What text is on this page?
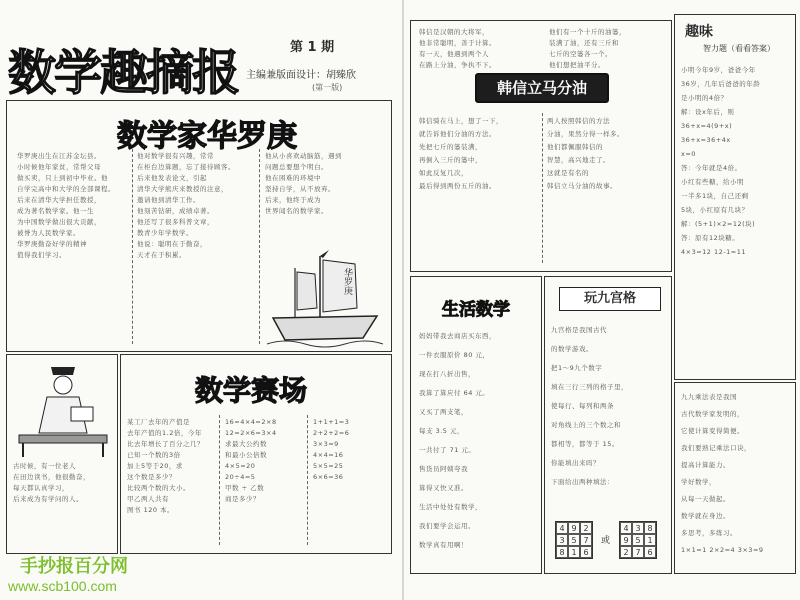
数学趣摘报	第 1 期
主编兼版面设计：胡臻欣
(第一版)
数学家华罗庚
华罗庚出生在江苏金坛县。
小时候他年家贫，常帮父母
做买卖，只上到初中毕业。他
自学完高中和大学的全部课程。
后来在清华大学担任教授，
成为著名数学家。他一生
为中国数学做出很大贡献，
被誉为人民数学家。
华罗庚勤奋好学的精神
值得我们学习。
他对数学很有兴趣，常常
在柜台边算题，忘了接待顾客。
后来他发表论文，引起
清华大学熊庆来教授的注意，
邀请他到清华工作。
他刻苦钻研，成绩卓著。
他还写了很多科普文章，
教青少年学数学。
他说：聪明在于勤奋，
天才在于积累。
他从小喜欢动脑筋，遇到
问题总要想个明白。
他在困难的环境中
坚持自学，从不放弃。
后来，他终于成为
世界闻名的数学家。
华罗庚
古时候，有一位老人
在田边读书，他很勤奋，
每天都认真学习，
后来成为有学问的人。
数学赛场
某工厂去年的产值是
去年产值的1.2倍，今年
比去年增长了百分之几？
已知一个数的3倍
加上5等于20，求
这个数是多少？
比较两个数的大小。
甲乙两人共有
图书 120 本。
16=4×4=2×8
12=2×6=3×4
求最大公约数
和最小公倍数
4×5=20
20÷4=5
甲数 ÷ 乙数
商是多少？
1+1+1=3
2+2+2=6
3×3=9
4×4=16
5×5=25
6×6=36
韩信是汉朝的大将军，
他非常聪明，善于计算。
有一天，他遇到两个人
在路上分油，争执不下。
他们有一个十斤的油篓，
装满了油，还有三斤和
七斤的空篓各一个。
他们想把油平分。
韩信立马分油
韩信骑在马上，想了一下，
就告诉他们分油的方法。
先把七斤的篓装满，
再倒入三斤的篓中，
如此反复几次，
最后得到两份五斤的油。
两人按照韩信的方法
分油，果然分得一样多。
他们都佩服韩信的
智慧，高兴地走了。
这就是有名的
韩信立马分油的故事。
趣味
智力题（看看答案）
小明今年9岁，爸爸今年
36岁，几年后爸爸的年龄
是小明的4倍？
解：设x年后，则
36+x=4(9+x)
36+x=36+4x
x=0
答：今年就是4倍。
小红有些糖，给小明
一半多1块，自己还剩
5块，小红原有几块？
解：(5+1)×2=12(块)
答：原有12块糖。
4×3=12 12-1=11
生活数学
妈妈带我去商店买东西，
一件衣服原价 80 元，
现在打八折出售，
我算了算应付 64 元。
又买了两支笔，
每支 3.5 元，
一共付了 71 元。
售货员阿姨夸我
算得又快又准。
生活中处处有数学，
我们要学会运用。
数学真有用啊！
玩九宫格
九宫格是我国古代
的数学游戏。
把1～9九个数字
填在三行三列的格子里，
使每行、每列和两条
对角线上的三个数之和
都相等，都等于 15。
你能填出来吗？
下面给出两种填法：
4 9 2
3 5 7
8 1 6
或
4 3 8
9 5 1
2 7 6
九九乘法表是我国
古代数学家发明的，
它使计算变得简便。
我们要熟记乘法口诀，
提高计算能力。
学好数学，
从每一天做起。
数学就在身边。
多思考，多练习。
1×1=1 2×2=4 3×3=9
手抄报百分网
www.scb100.com
